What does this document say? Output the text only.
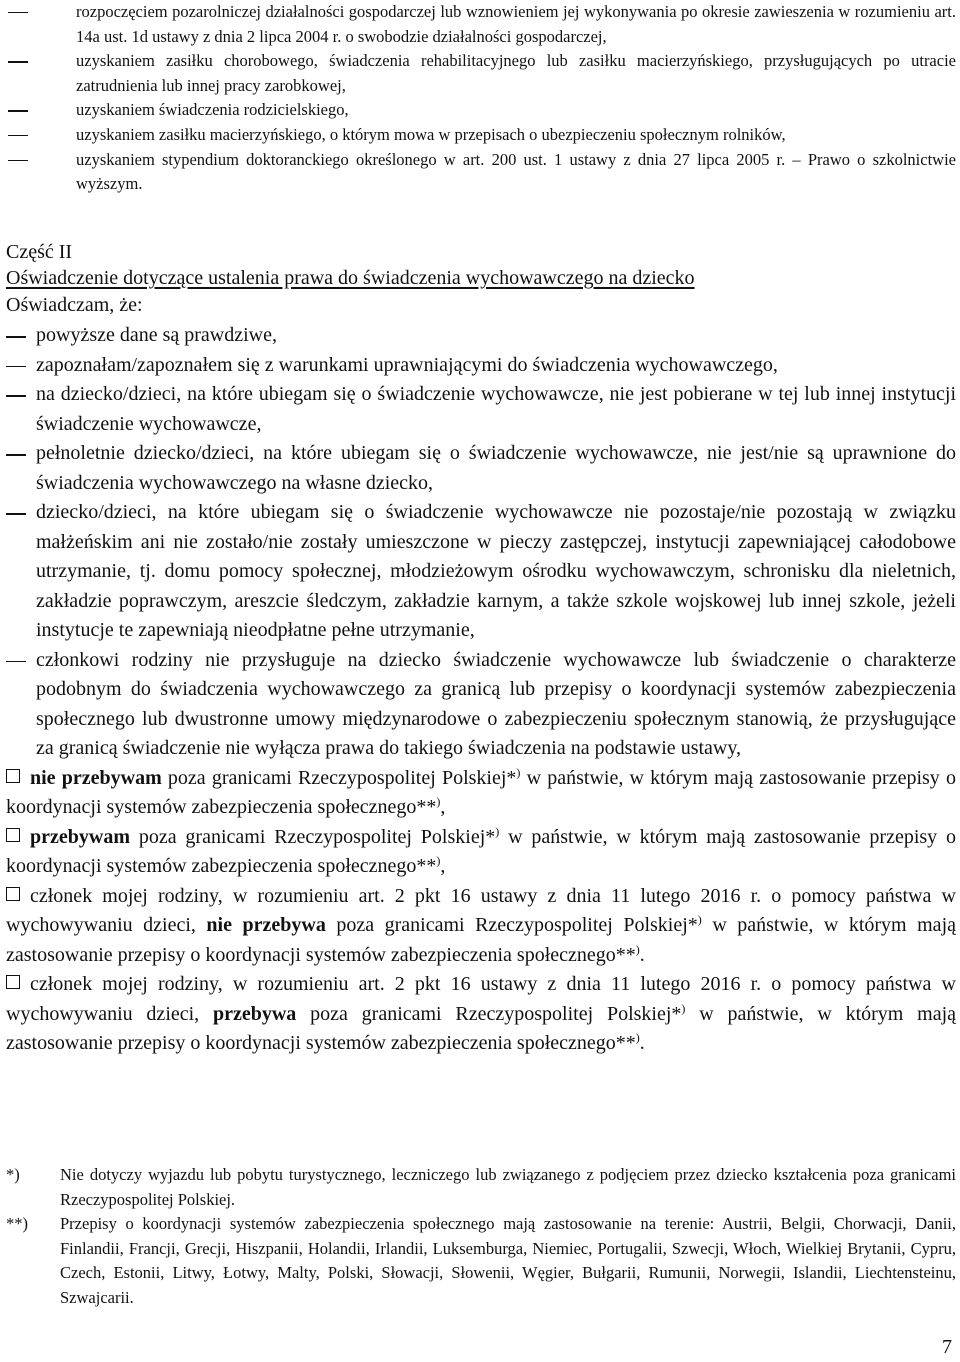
rozpoczęciem pozarolniczej działalności gospodarczej lub wznowieniem jej wykonywania po okresie zawieszenia w rozumieniu art. 14a ust. 1d ustawy z dnia 2 lipca 2004 r. o swobodzie działalności gospodarczej,
uzyskaniem zasiłku chorobowego, świadczenia rehabilitacyjnego lub zasiłku macierzyńskiego, przysługujących po utracie zatrudnienia lub innej pracy zarobkowej,
uzyskaniem świadczenia rodzicielskiego,
uzyskaniem zasiłku macierzyńskiego, o którym mowa w przepisach o ubezpieczeniu społecznym rolników,
uzyskaniem stypendium doktoranckiego określonego w art. 200 ust. 1 ustawy z dnia 27 lipca 2005 r. – Prawo o szkolnictwie wyższym.
Część II
Oświadczenie dotyczące ustalenia prawa do świadczenia wychowawczego na dziecko
Oświadczam, że:
powyższe dane są prawdziwe,
zapoznałam/zapoznałem się z warunkami uprawniającymi do świadczenia wychowawczego,
na dziecko/dzieci, na które ubiegam się o świadczenie wychowawcze, nie jest pobierane w tej lub innej instytucji świadczenie wychowawcze,
pełnoletnie dziecko/dzieci, na które ubiegam się o świadczenie wychowawcze, nie jest/nie są uprawnione do świadczenia wychowawczego na własne dziecko,
dziecko/dzieci, na które ubiegam się o świadczenie wychowawcze nie pozostaje/nie pozostają w związku małżeńskim ani nie zostało/nie zostały umieszczone w pieczy zastępczej, instytucji zapewniającej całodobowe utrzymanie, tj. domu pomocy społecznej, młodzieżowym ośrodku wychowawczym, schronisku dla nieletnich, zakładzie poprawczym, areszcie śledczym, zakładzie karnym, a także szkole wojskowej lub innej szkole, jeżeli instytucje te zapewniają nieodpłatne pełne utrzymanie,
członkowi rodziny nie przysługuje na dziecko świadczenie wychowawcze lub świadczenie o charakterze podobnym do świadczenia wychowawczego za granicą lub przepisy o koordynacji systemów zabezpieczenia społecznego lub dwustronne umowy międzynarodowe o zabezpieczeniu społecznym stanowią, że przysługujące za granicą świadczenie nie wyłącza prawa do takiego świadczenia na podstawie ustawy,

nie przebywam poza granicami Rzeczypospolitej Polskiej*) w państwie, w którym mają zastosowanie przepisy o koordynacji systemów zabezpieczenia społecznego**),

przebywam poza granicami Rzeczypospolitej Polskiej*) w państwie, w którym mają zastosowanie przepisy o koordynacji systemów zabezpieczenia społecznego**),

członek mojej rodziny, w rozumieniu art. 2 pkt 16 ustawy z dnia 11 lutego 2016 r. o pomocy państwa w wychowywaniu dzieci, nie przebywa poza granicami Rzeczypospolitej Polskiej*) w państwie, w którym mają zastosowanie przepisy o koordynacji systemów zabezpieczenia społecznego**).

członek mojej rodziny, w rozumieniu art. 2 pkt 16 ustawy z dnia 11 lutego 2016 r. o pomocy państwa w wychowywaniu dzieci, przebywa poza granicami Rzeczypospolitej Polskiej*) w państwie, w którym mają zastosowanie przepisy o koordynacji systemów zabezpieczenia społecznego**).

*) Nie dotyczy wyjazdu lub pobytu turystycznego, leczniczego lub związanego z podjęciem przez dziecko kształcenia poza granicami Rzeczypospolitej Polskiej.
**) Przepisy o koordynacji systemów zabezpieczenia społecznego mają zastosowanie na terenie: Austrii, Belgii, Chorwacji, Danii, Finlandii, Francji, Grecji, Hiszpanii, Holandii, Irlandii, Luksemburga, Niemiec, Portugalii, Szwecji, Włoch, Wielkiej Brytanii, Cypru, Czech, Estonii, Litwy, Łotwy, Malty, Polski, Słowacji, Słowenii, Węgier, Bułgarii, Rumunii, Norwegii, Islandii, Liechtensteinu, Szwajcarii.
7
